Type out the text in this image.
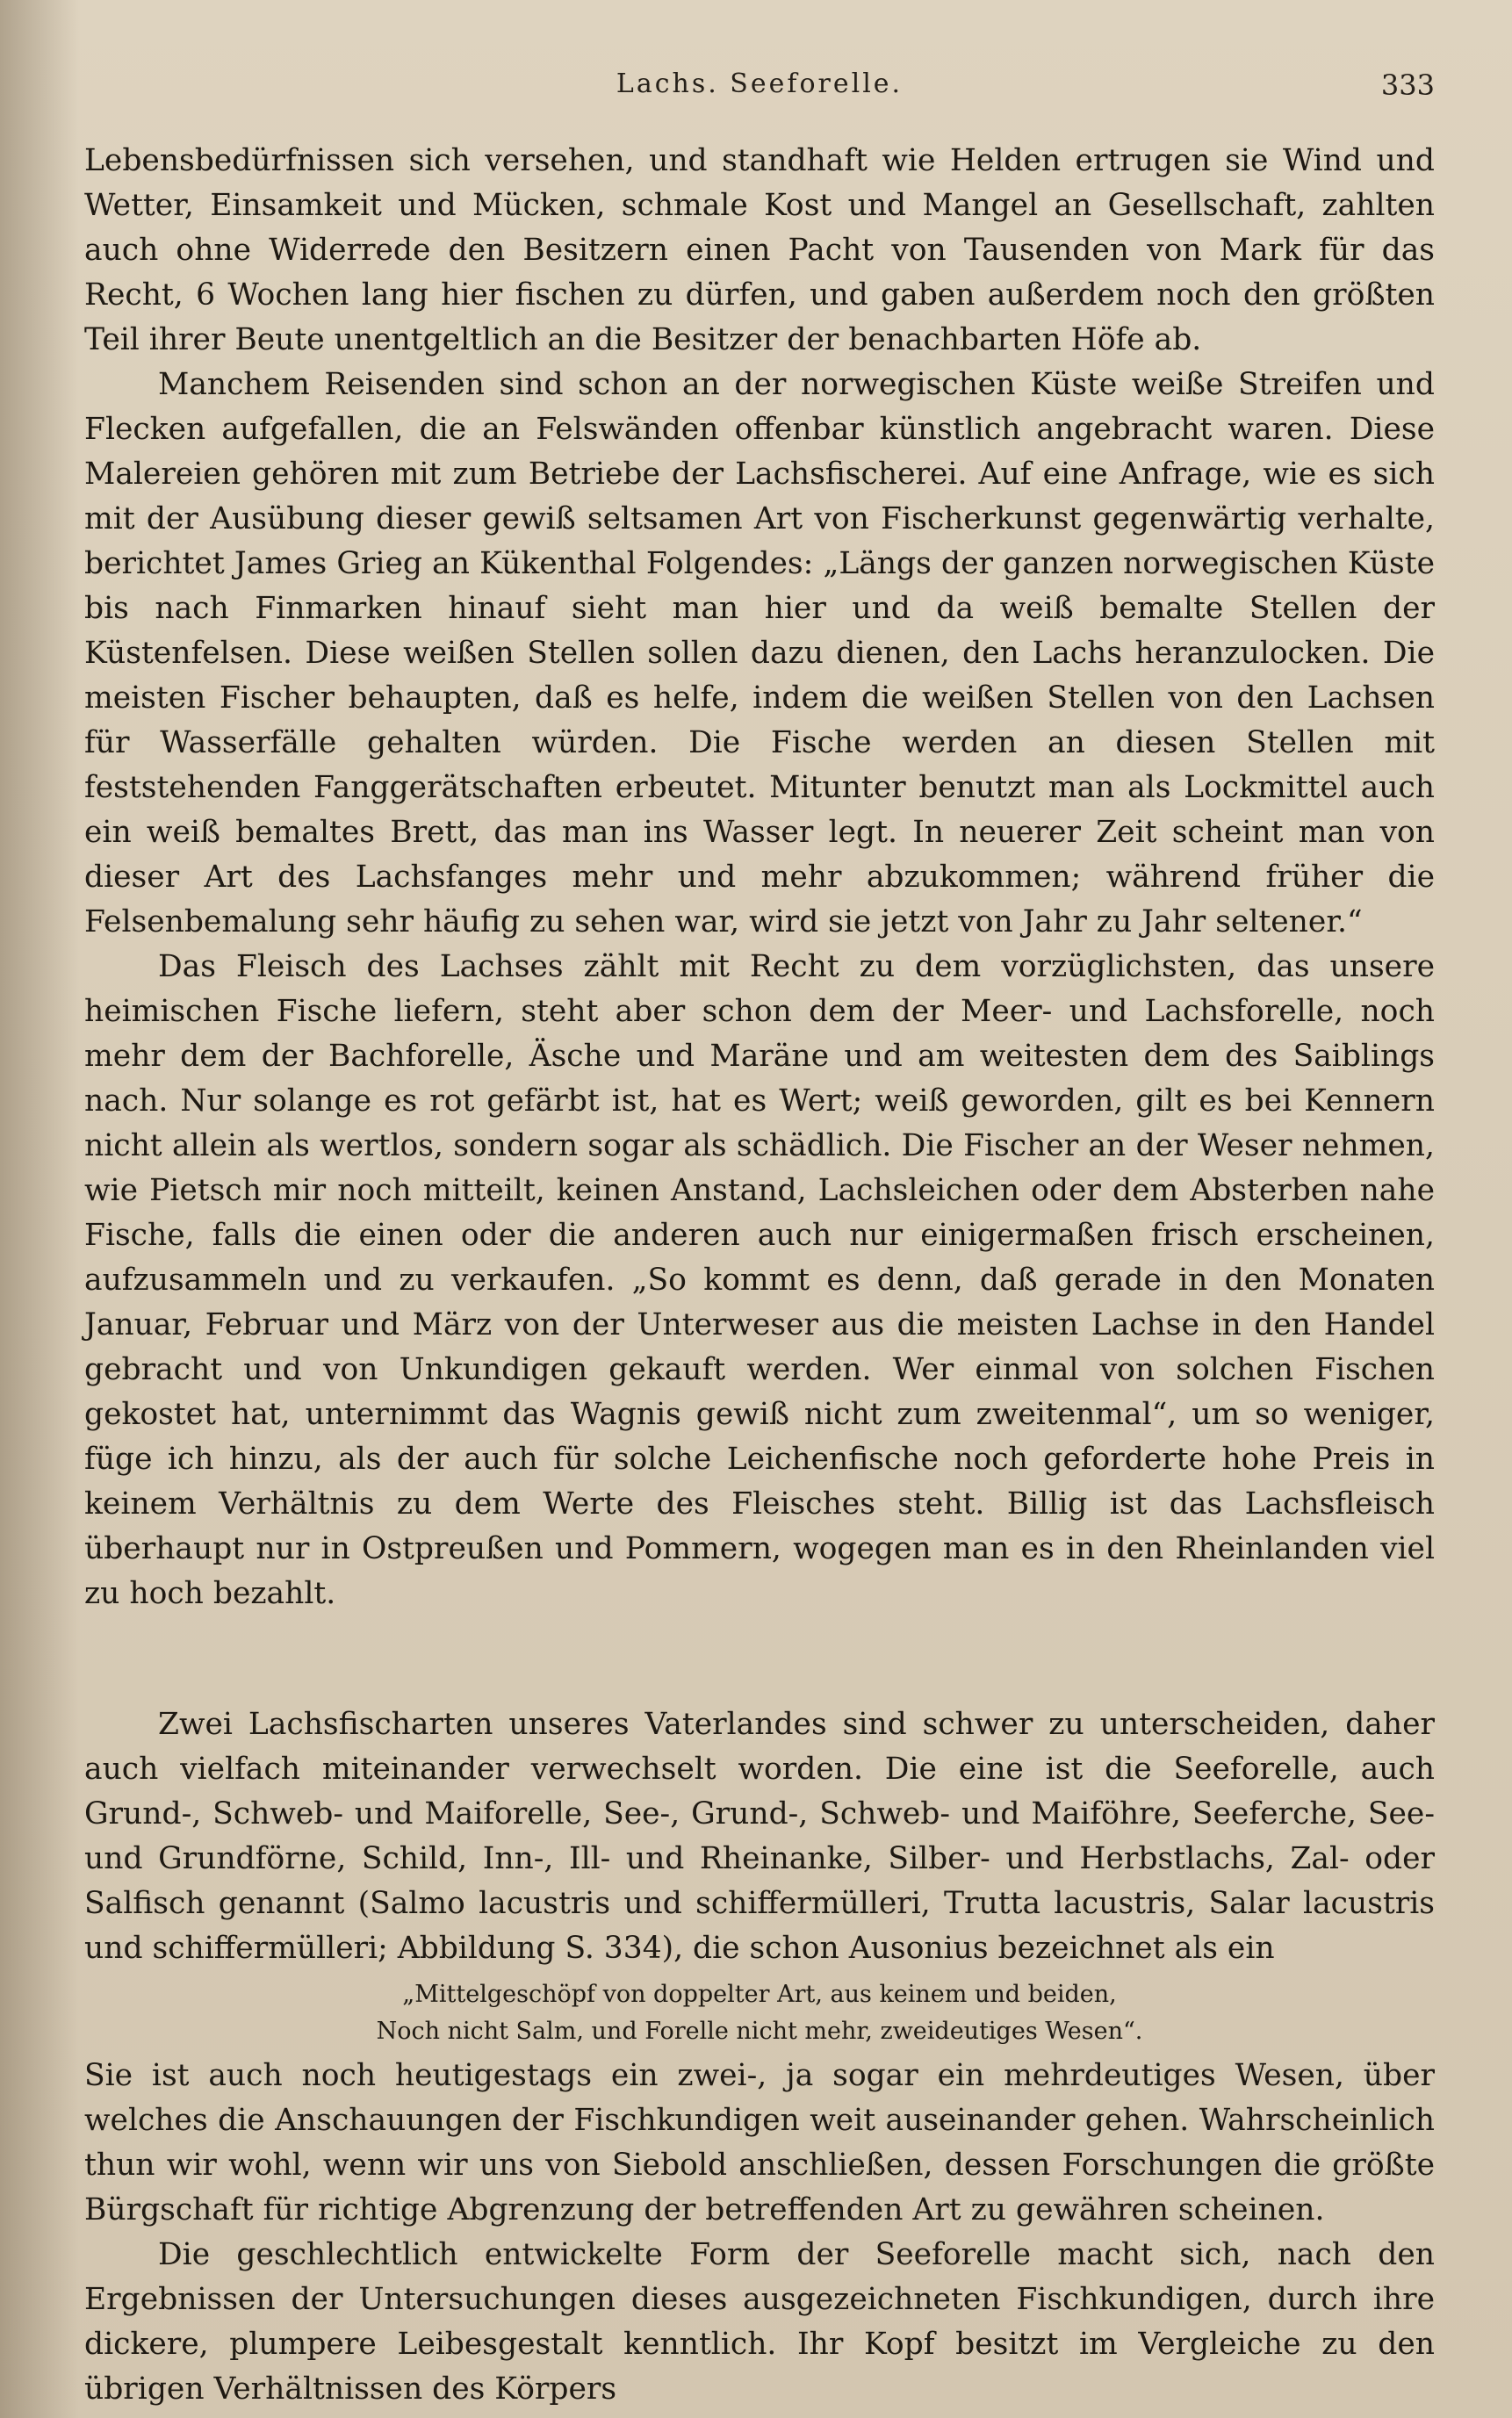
Lachs. Seeforelle.	333

Lebensbedürfnissen sich versehen, und standhaft wie Helden ertrugen sie Wind und Wetter, Einsamkeit und Mücken, schmale Kost und Mangel an Gesellschaft, zahlten auch ohne Widerrede den Besitzern einen Pacht von Tausenden von Mark für das Recht, 6 Wochen lang hier fischen zu dürfen, und gaben außerdem noch den größten Teil ihrer Beute unentgeltlich an die Besitzer der benachbarten Höfe ab.

Manchem Reisenden sind schon an der norwegischen Küste weiße Streifen und Flecken aufgefallen, die an Felswänden offenbar künstlich angebracht waren. Diese Malereien gehören mit zum Betriebe der Lachsfischerei. Auf eine Anfrage, wie es sich mit der Ausübung dieser gewiß seltsamen Art von Fischerkunst gegenwärtig verhalte, berichtet James Grieg an Kükenthal Folgendes: „Längs der ganzen norwegischen Küste bis nach Finmarken hinauf sieht man hier und da weiß bemalte Stellen der Küstenfelsen. Diese weißen Stellen sollen dazu dienen, den Lachs heranzulocken. Die meisten Fischer behaupten, daß es helfe, indem die weißen Stellen von den Lachsen für Wasserfälle gehalten würden. Die Fische werden an diesen Stellen mit feststehenden Fanggerätschaften erbeutet. Mitunter benutzt man als Lockmittel auch ein weiß bemaltes Brett, das man ins Wasser legt. In neuerer Zeit scheint man von dieser Art des Lachsfanges mehr und mehr abzukommen; während früher die Felsenbemalung sehr häufig zu sehen war, wird sie jetzt von Jahr zu Jahr seltener.“

Das Fleisch des Lachses zählt mit Recht zu dem vorzüglichsten, das unsere heimischen Fische liefern, steht aber schon dem der Meer- und Lachsforelle, noch mehr dem der Bachforelle, Äsche und Maräne und am weitesten dem des Saiblings nach. Nur solange es rot gefärbt ist, hat es Wert; weiß geworden, gilt es bei Kennern nicht allein als wertlos, sondern sogar als schädlich. Die Fischer an der Weser nehmen, wie Pietsch mir noch mitteilt, keinen Anstand, Lachsleichen oder dem Absterben nahe Fische, falls die einen oder die anderen auch nur einigermaßen frisch erscheinen, aufzusammeln und zu verkaufen. „So kommt es denn, daß gerade in den Monaten Januar, Februar und März von der Unterweser aus die meisten Lachse in den Handel gebracht und von Unkundigen gekauft werden. Wer einmal von solchen Fischen gekostet hat, unternimmt das Wagnis gewiß nicht zum zweitenmal“, um so weniger, füge ich hinzu, als der auch für solche Leichenfische noch geforderte hohe Preis in keinem Verhältnis zu dem Werte des Fleisches steht. Billig ist das Lachsfleisch überhaupt nur in Ostpreußen und Pommern, wogegen man es in den Rheinlanden viel zu hoch bezahlt.

Zwei Lachsfischarten unseres Vaterlandes sind schwer zu unterscheiden, daher auch vielfach miteinander verwechselt worden. Die eine ist die Seeforelle, auch Grund-, Schweb- und Maiforelle, See-, Grund-, Schweb- und Maiföhre, Seeferche, See- und Grundförne, Schild, Inn-, Ill- und Rheinanke, Silber- und Herbstlachs, Zal- oder Salfisch genannt (Salmo lacustris und schiffermülleri, Trutta lacustris, Salar lacustris und schiffermülleri; Abbildung S. 334), die schon Ausonius bezeichnet als ein

„Mittelgeschöpf von doppelter Art, aus keinem und beiden,
Noch nicht Salm, und Forelle nicht mehr, zweideutiges Wesen“.

Sie ist auch noch heutigestags ein zwei-, ja sogar ein mehrdeutiges Wesen, über welches die Anschauungen der Fischkundigen weit auseinander gehen. Wahrscheinlich thun wir wohl, wenn wir uns von Siebold anschließen, dessen Forschungen die größte Bürgschaft für richtige Abgrenzung der betreffenden Art zu gewähren scheinen.

Die geschlechtlich entwickelte Form der Seeforelle macht sich, nach den Ergebnissen der Untersuchungen dieses ausgezeichneten Fischkundigen, durch ihre dickere, plumpere Leibesgestalt kenntlich. Ihr Kopf besitzt im Vergleiche zu den übrigen Verhältnissen des Körpers
